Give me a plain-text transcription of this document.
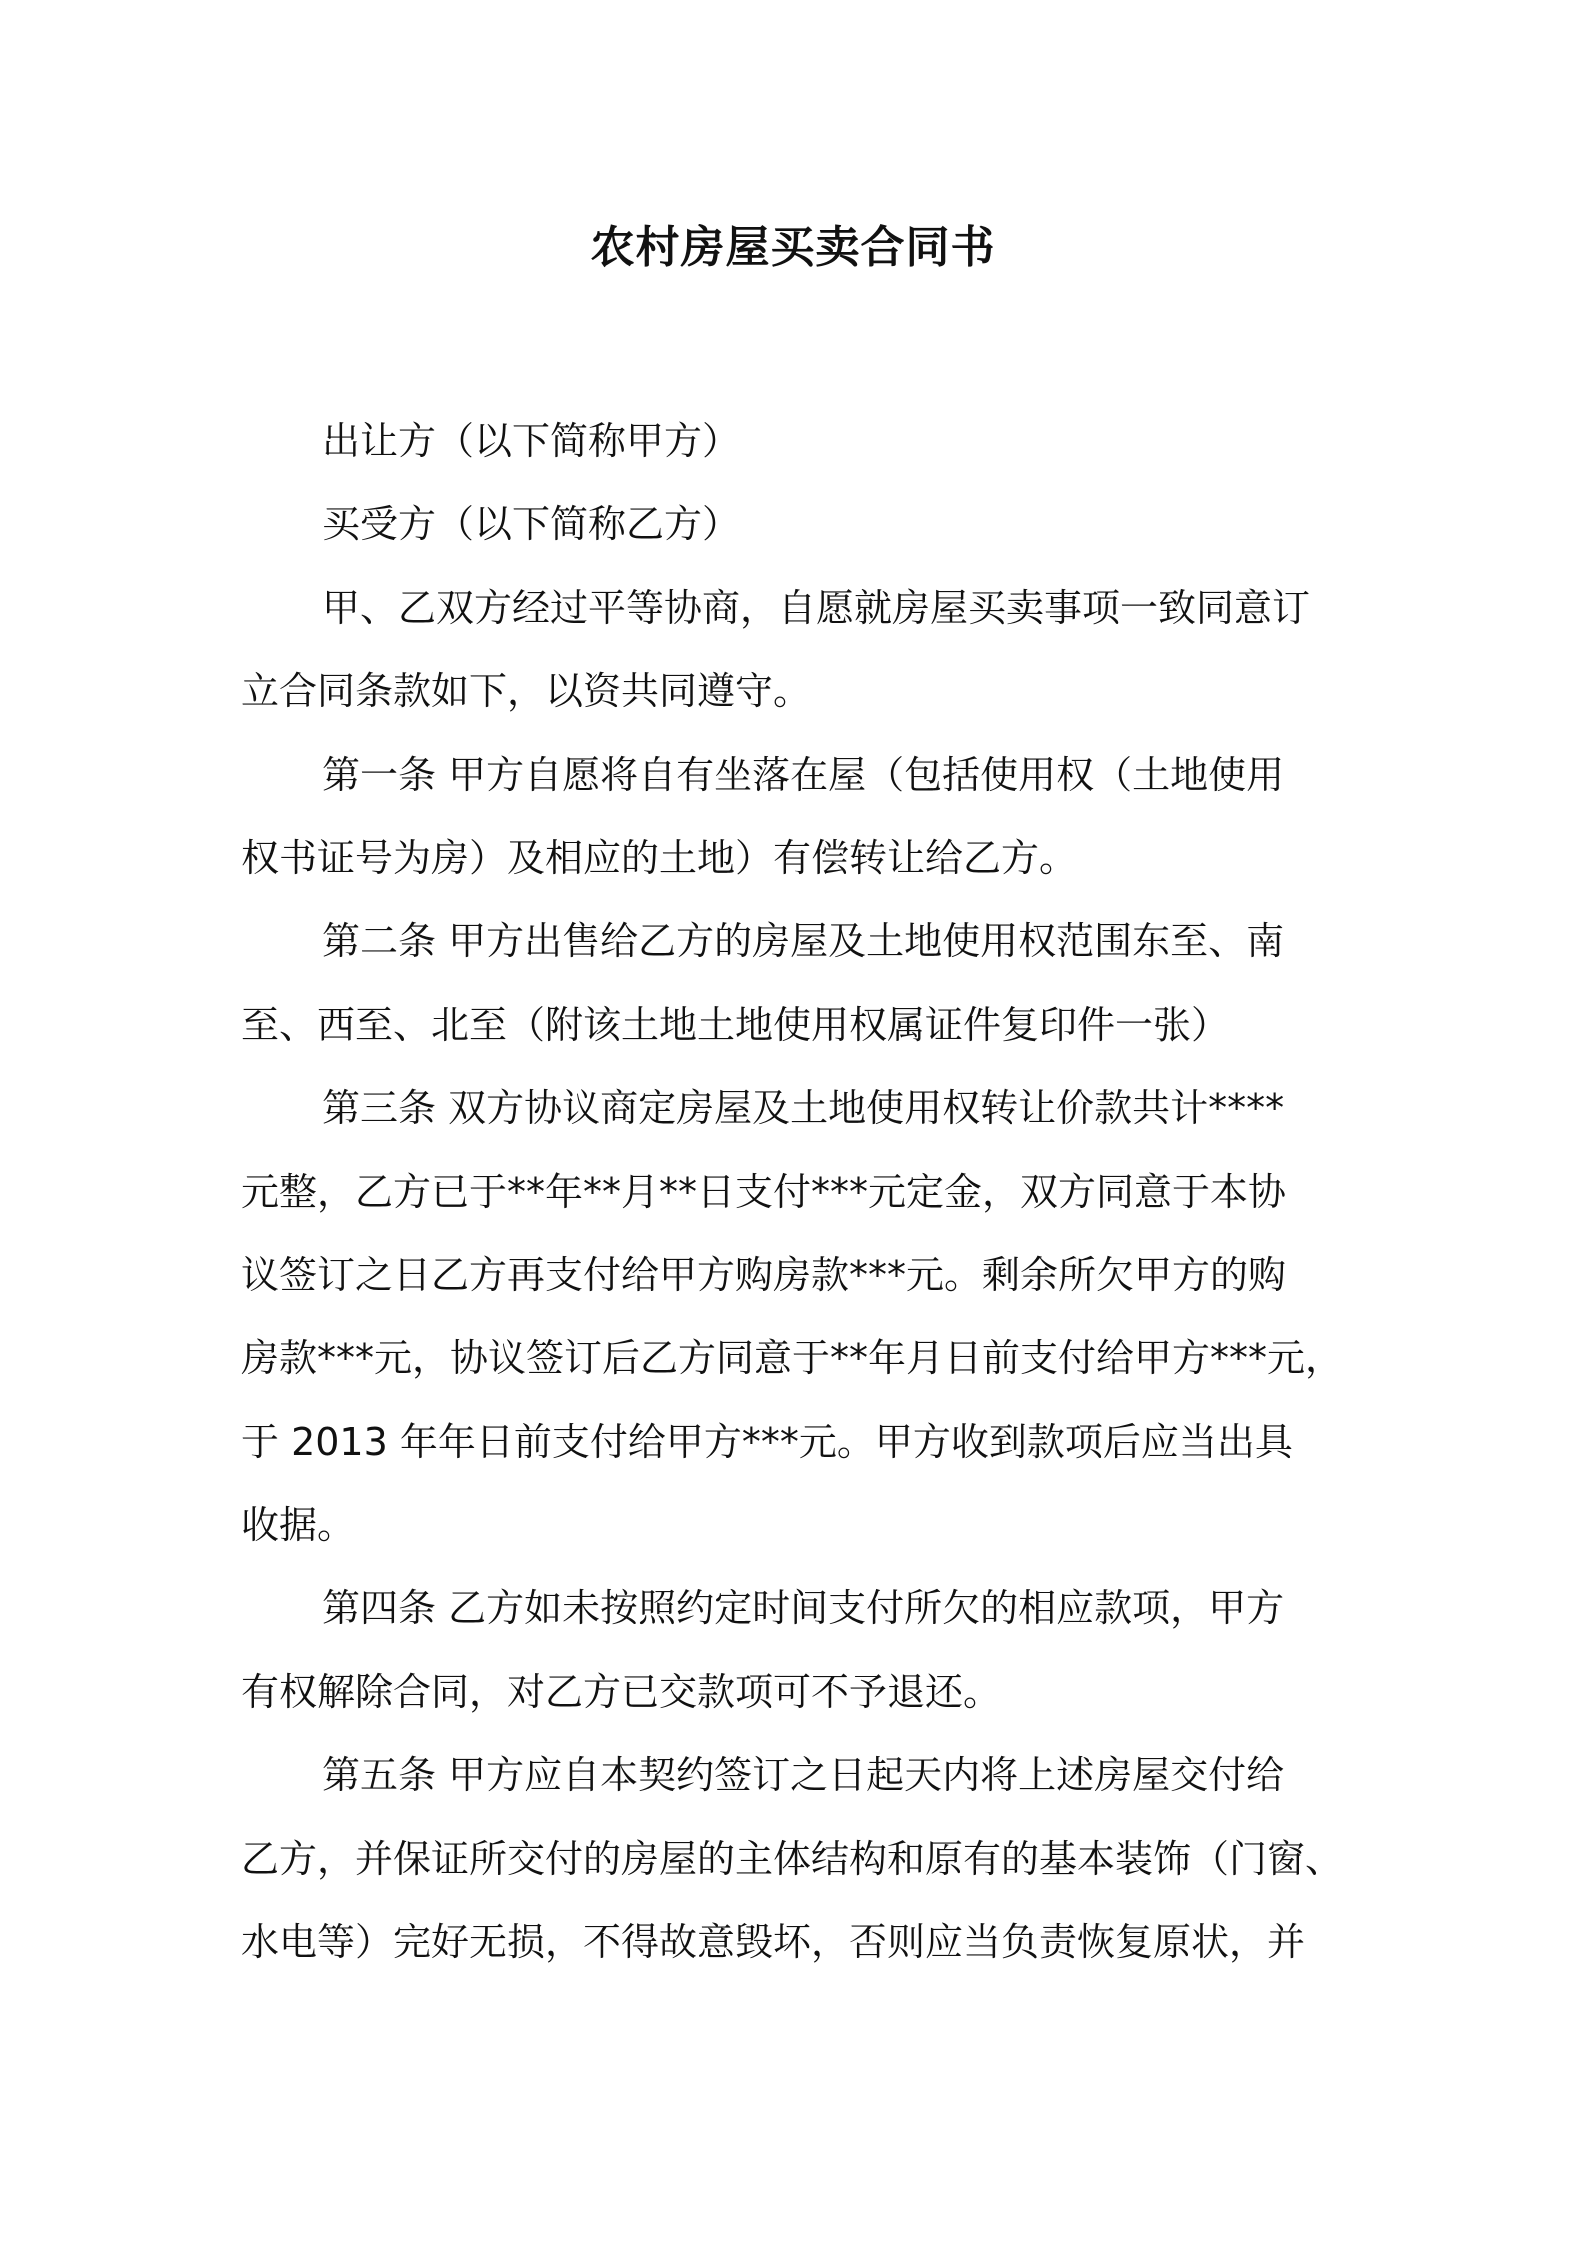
农村房屋买卖合同书
出让方（以下简称甲方）
买受方（以下简称乙方）
甲、乙双方经过平等协商，自愿就房屋买卖事项一致同意订
立合同条款如下，以资共同遵守。
第一条 甲方自愿将自有坐落在屋（包括使用权（土地使用
权书证号为房）及相应的土地）有偿转让给乙方。
第二条 甲方出售给乙方的房屋及土地使用权范围东至、南
至、西至、北至（附该土地土地使用权属证件复印件一张）
第三条 双方协议商定房屋及土地使用权转让价款共计****
元整，乙方已于**年**月**日支付***元定金，双方同意于本协
议签订之日乙方再支付给甲方购房款***元。剩余所欠甲方的购
房款***元，协议签订后乙方同意于**年月日前支付给甲方***元，
于 2013 年年日前支付给甲方***元。甲方收到款项后应当出具
收据。
第四条 乙方如未按照约定时间支付所欠的相应款项，甲方
有权解除合同，对乙方已交款项可不予退还。
第五条 甲方应自本契约签订之日起天内将上述房屋交付给
乙方，并保证所交付的房屋的主体结构和原有的基本装饰（门窗、
水电等）完好无损，不得故意毁坏，否则应当负责恢复原状，并
